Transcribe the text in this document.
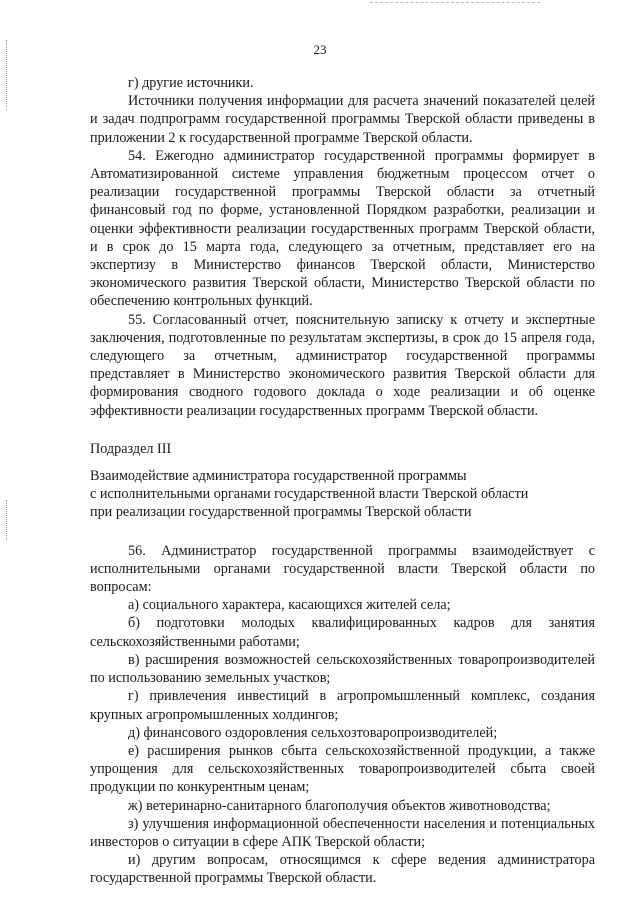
23

г) другие источники.

Источники получения информации для расчета значений показателей целей и задач подпрограмм государственной программы Тверской области приведены в приложении 2 к государственной программе Тверской области.

54. Ежегодно администратор государственной программы формирует в Автоматизированной системе управления бюджетным процессом отчет о реализации государственной программы Тверской области за отчетный финансовый год по форме, установленной Порядком разработки, реализации и оценки эффективности реализации государственных программ Тверской области, и в срок до 15 марта года, следующего за отчетным, представляет его на экспертизу в Министерство финансов Тверской области, Министерство экономического развития Тверской области, Министерство Тверской области по обеспечению контрольных функций.

55. Согласованный отчет, пояснительную записку к отчету и экспертные заключения, подготовленные по результатам экспертизы, в срок до 15 апреля года, следующего за отчетным, администратор государственной программы представляет в Министерство экономического развития Тверской области для формирования сводного годового доклада о ходе реализации и об оценке эффективности реализации государственных программ Тверской области.

Подраздел III

Взаимодействие администратора государственной программы

с исполнительными органами государственной власти Тверской области

при реализации государственной программы Тверской области

56. Администратор государственной программы взаимодействует с исполнительными органами государственной власти Тверской области по вопросам:

а) социального характера, касающихся жителей села;

б) подготовки молодых квалифицированных кадров для занятия сельскохозяйственными работами;

в) расширения возможностей сельскохозяйственных товаропроизводителей по использованию земельных участков;

г) привлечения инвестиций в агропромышленный комплекс, создания крупных агропромышленных холдингов;

д) финансового оздоровления сельхозтоваропроизводителей;

е) расширения рынков сбыта сельскохозяйственной продукции, а также упрощения для сельскохозяйственных товаропроизводителей сбыта своей продукции по конкурентным ценам;

ж) ветеринарно-санитарного благополучия объектов животноводства;

з) улучшения информационной обеспеченности населения и потенциальных инвесторов о ситуации в сфере АПК Тверской области;

и) другим вопросам, относящимся к сфере ведения администратора государственной программы Тверской области.
